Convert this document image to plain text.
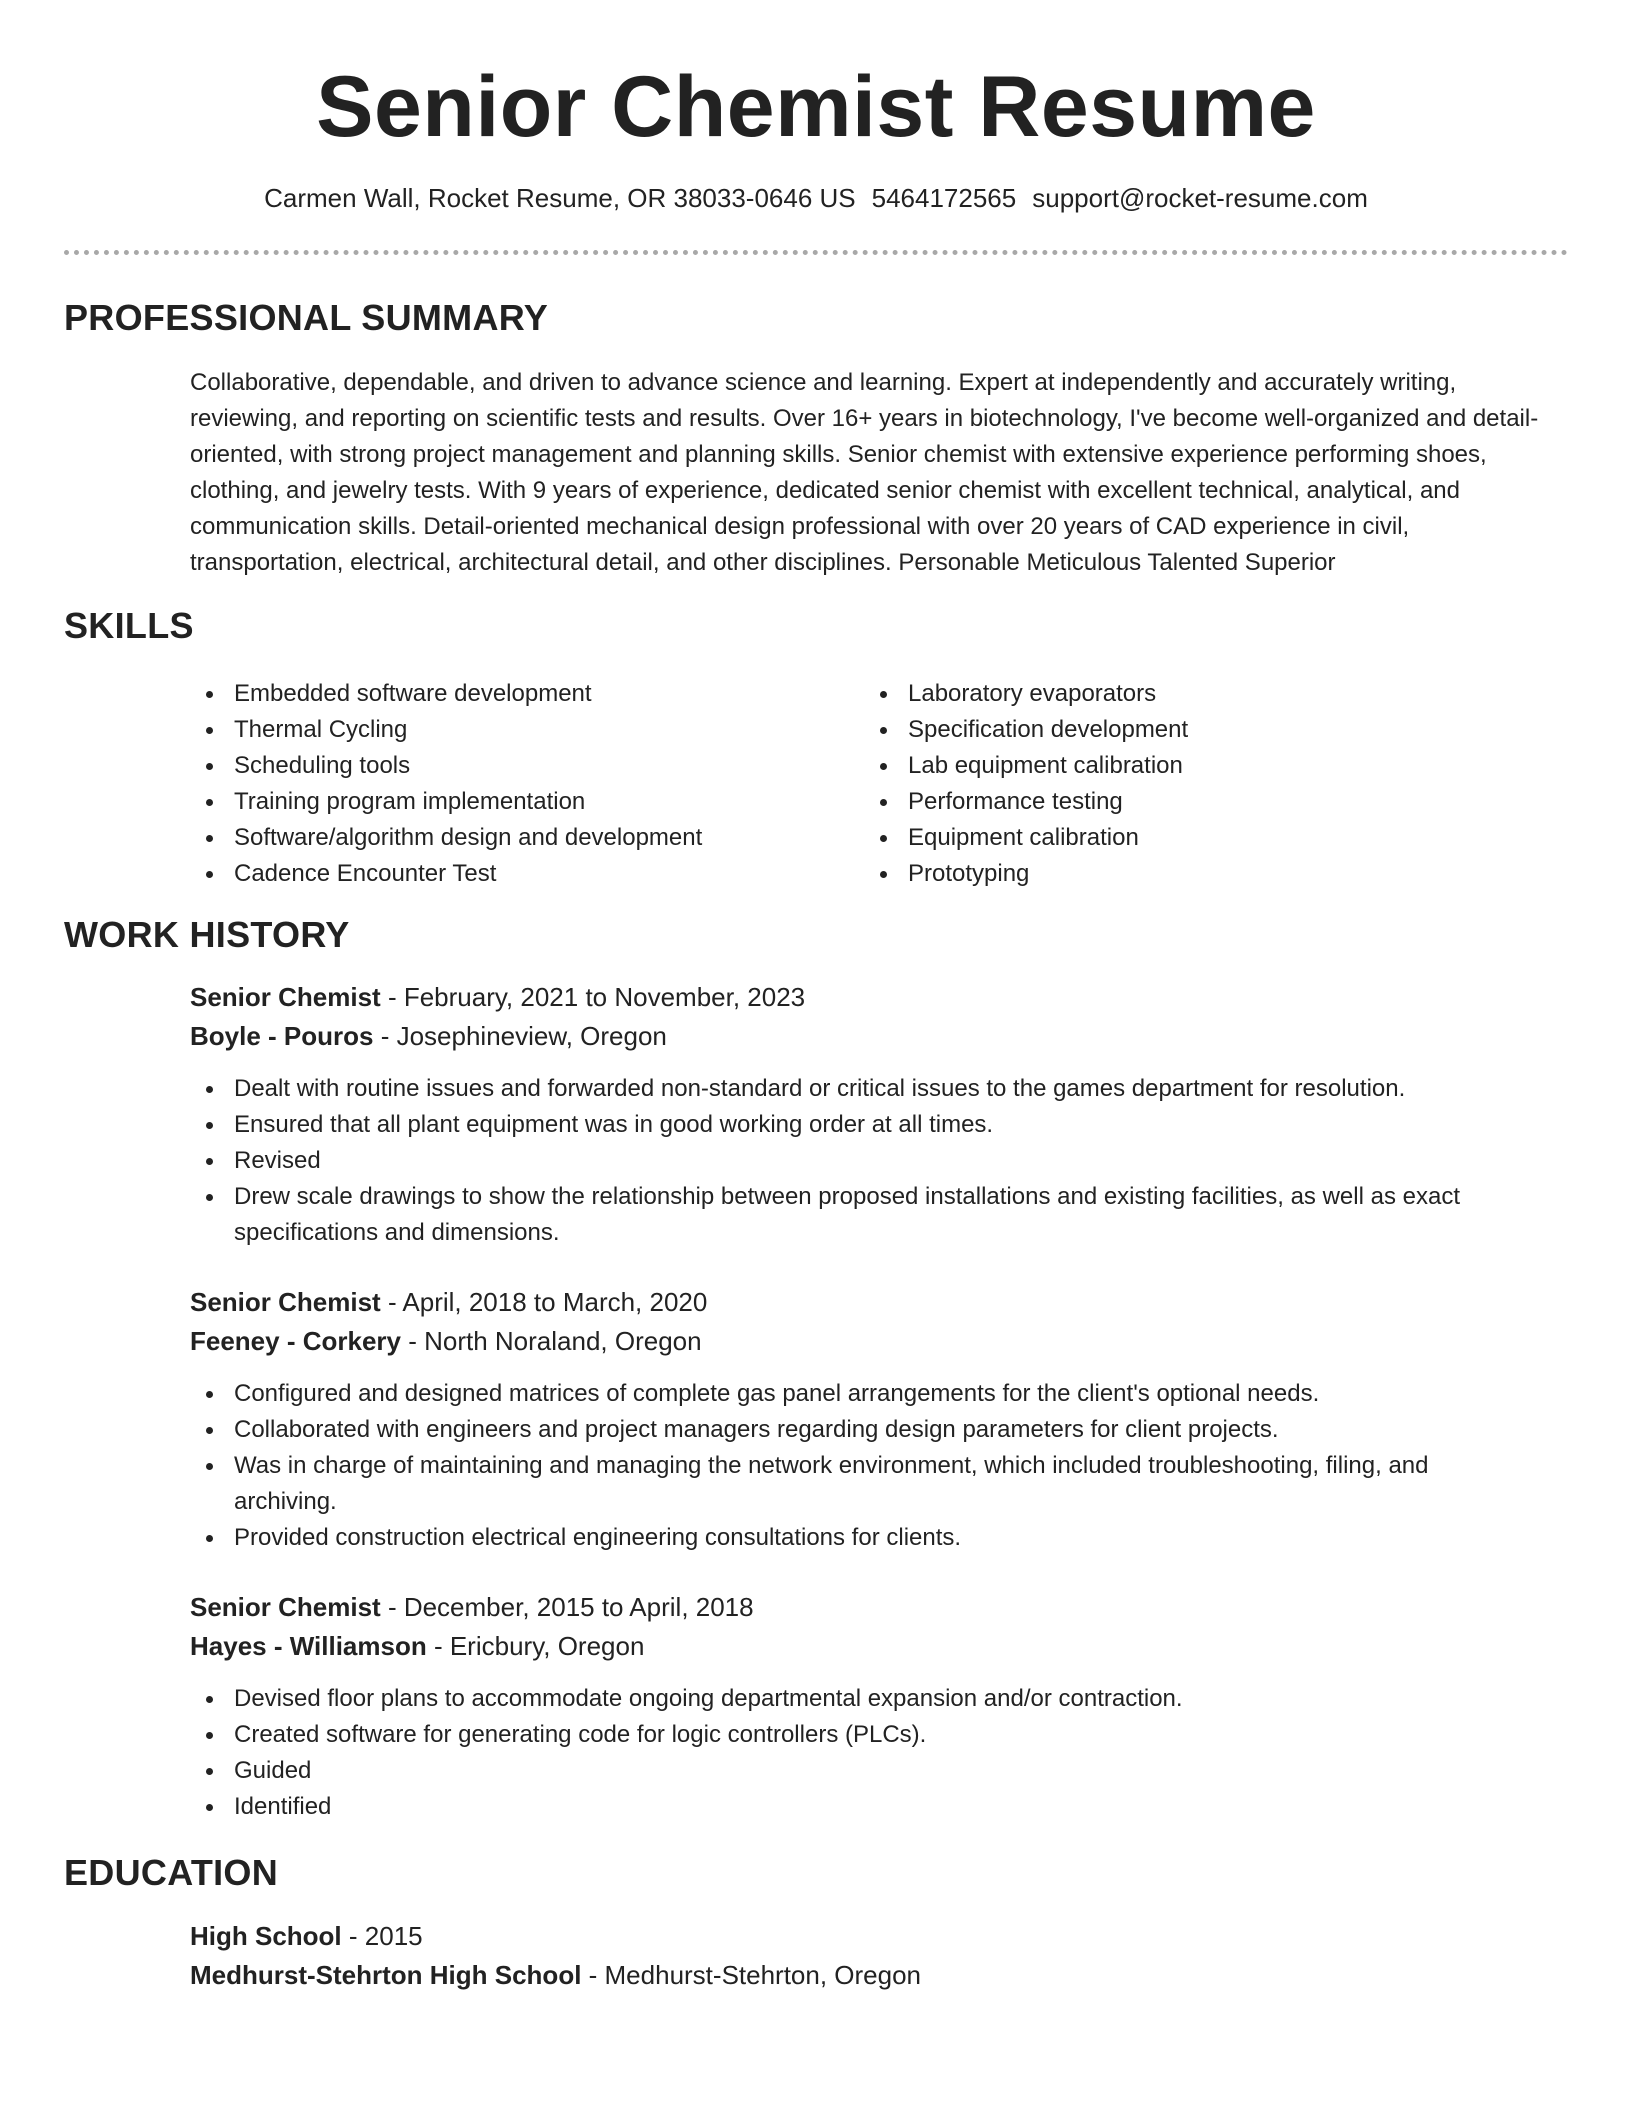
Senior Chemist Resume
Carmen Wall, Rocket Resume, OR 38033-0646 US 5464172565 support@rocket-resume.com
PROFESSIONAL SUMMARY
Collaborative, dependable, and driven to advance science and learning. Expert at independently and accurately writing, reviewing, and reporting on scientific tests and results. Over 16+ years in biotechnology, I've become well-organized and detail-oriented, with strong project management and planning skills. Senior chemist with extensive experience performing shoes, clothing, and jewelry tests. With 9 years of experience, dedicated senior chemist with excellent technical, analytical, and communication skills. Detail-oriented mechanical design professional with over 20 years of CAD experience in civil, transportation, electrical, architectural detail, and other disciplines. Personable Meticulous Talented Superior
SKILLS
Embedded software development
Thermal Cycling
Scheduling tools
Training program implementation
Software/algorithm design and development
Cadence Encounter Test
Laboratory evaporators
Specification development
Lab equipment calibration
Performance testing
Equipment calibration
Prototyping
WORK HISTORY
Senior Chemist - February, 2021 to November, 2023
Boyle - Pouros - Josephineview, Oregon
Dealt with routine issues and forwarded non-standard or critical issues to the games department for resolution.
Ensured that all plant equipment was in good working order at all times.
Revised
Drew scale drawings to show the relationship between proposed installations and existing facilities, as well as exact specifications and dimensions.
Senior Chemist - April, 2018 to March, 2020
Feeney - Corkery - North Noraland, Oregon
Configured and designed matrices of complete gas panel arrangements for the client's optional needs.
Collaborated with engineers and project managers regarding design parameters for client projects.
Was in charge of maintaining and managing the network environment, which included troubleshooting, filing, and archiving.
Provided construction electrical engineering consultations for clients.
Senior Chemist - December, 2015 to April, 2018
Hayes - Williamson - Ericbury, Oregon
Devised floor plans to accommodate ongoing departmental expansion and/or contraction.
Created software for generating code for logic controllers (PLCs).
Guided
Identified
EDUCATION
High School - 2015
Medhurst-Stehrton High School - Medhurst-Stehrton, Oregon
